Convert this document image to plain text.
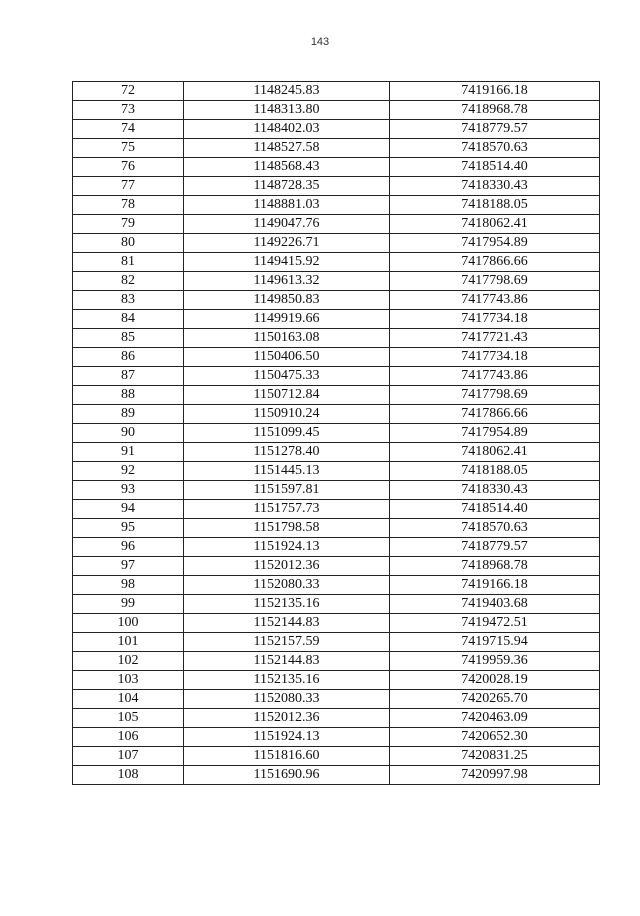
143
72	1148245.83	7419166.18
73	1148313.80	7418968.78
74	1148402.03	7418779.57
75	1148527.58	7418570.63
76	1148568.43	7418514.40
77	1148728.35	7418330.43
78	1148881.03	7418188.05
79	1149047.76	7418062.41
80	1149226.71	7417954.89
81	1149415.92	7417866.66
82	1149613.32	7417798.69
83	1149850.83	7417743.86
84	1149919.66	7417734.18
85	1150163.08	7417721.43
86	1150406.50	7417734.18
87	1150475.33	7417743.86
88	1150712.84	7417798.69
89	1150910.24	7417866.66
90	1151099.45	7417954.89
91	1151278.40	7418062.41
92	1151445.13	7418188.05
93	1151597.81	7418330.43
94	1151757.73	7418514.40
95	1151798.58	7418570.63
96	1151924.13	7418779.57
97	1152012.36	7418968.78
98	1152080.33	7419166.18
99	1152135.16	7419403.68
100	1152144.83	7419472.51
101	1152157.59	7419715.94
102	1152144.83	7419959.36
103	1152135.16	7420028.19
104	1152080.33	7420265.70
105	1152012.36	7420463.09
106	1151924.13	7420652.30
107	1151816.60	7420831.25
108	1151690.96	7420997.98
